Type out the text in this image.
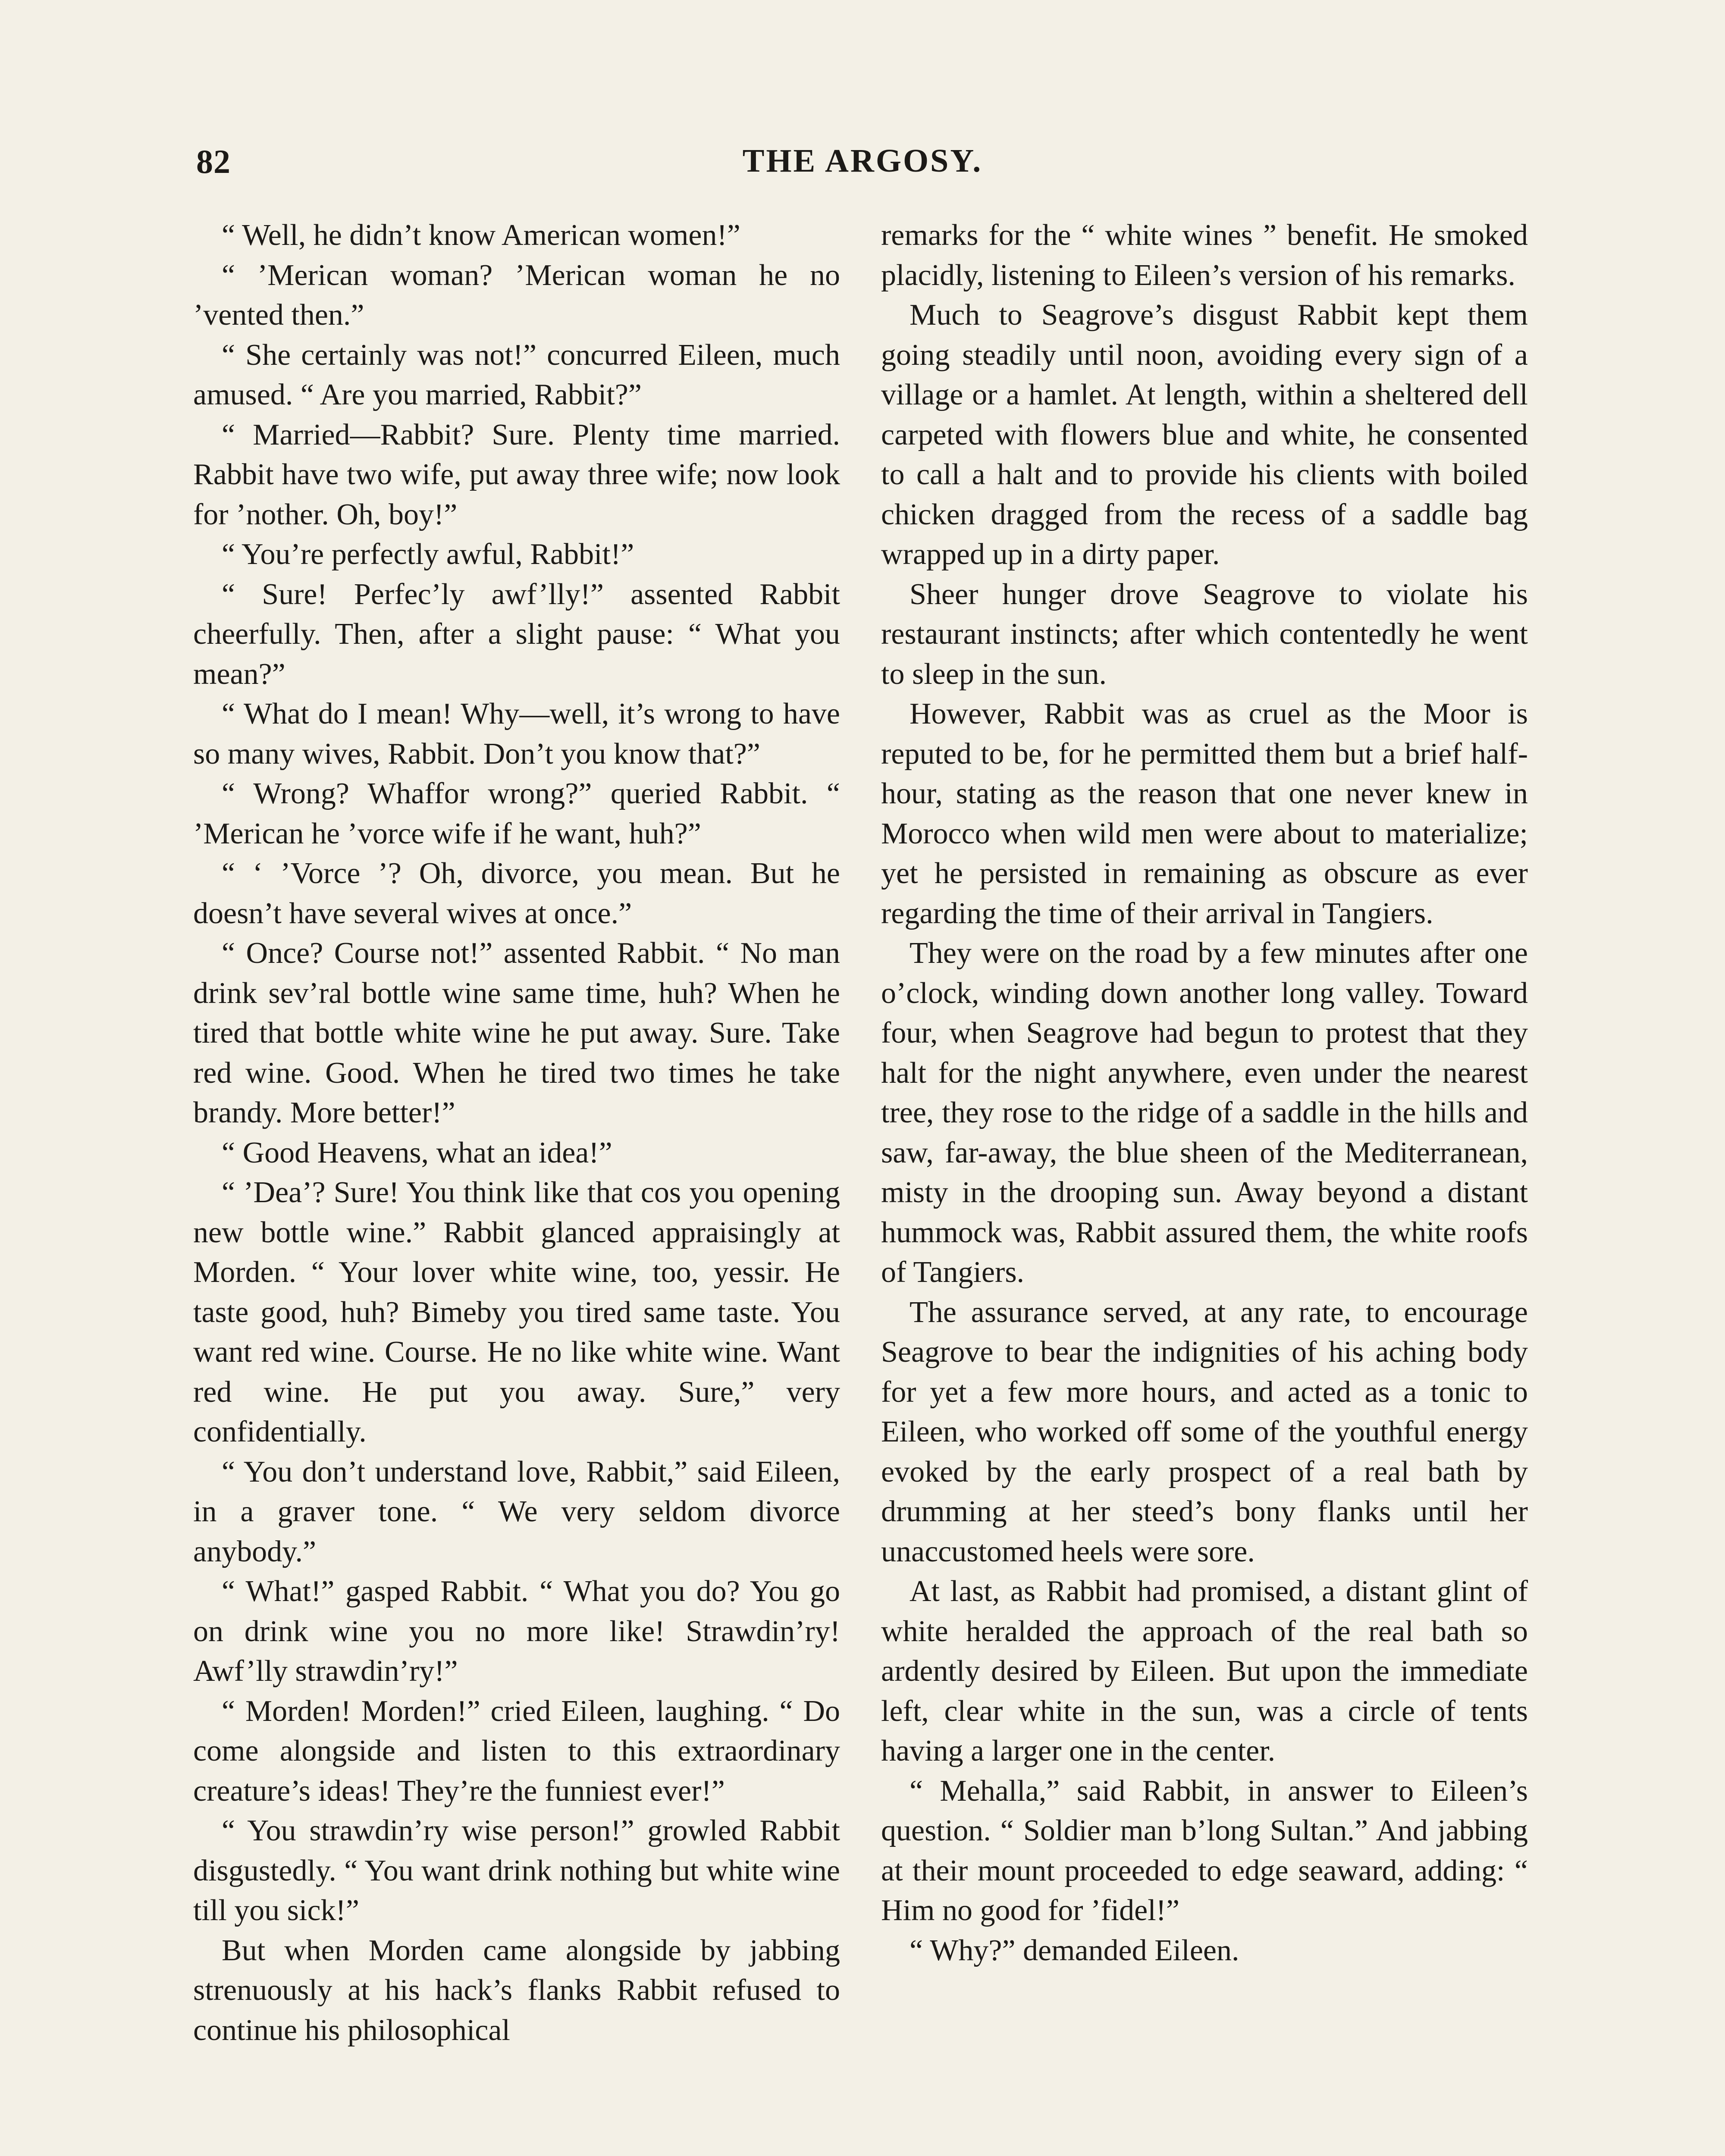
82	THE ARGOSY.

“ Well, he didn’t know American women!”

“ ’Merican woman? ’Merican woman he no ’vented then.”

“ She certainly was not!” concurred Eileen, much amused. “ Are you married, Rabbit?”

“ Married—Rabbit? Sure. Plenty time married. Rabbit have two wife, put away three wife; now look for ’nother. Oh, boy!”

“ You’re perfectly awful, Rabbit!”

“ Sure! Perfec’ly awf’lly!” assented Rabbit cheerfully. Then, after a slight pause: “ What you mean?”

“ What do I mean! Why—well, it’s wrong to have so many wives, Rabbit. Don’t you know that?”

“ Wrong? Whaffor wrong?” queried Rabbit. “ ’Merican he ’vorce wife if he want, huh?”

“ ‘ ’Vorce ’? Oh, divorce, you mean. But he doesn’t have several wives at once.”

“ Once? Course not!” assented Rabbit. “ No man drink sev’ral bottle wine same time, huh? When he tired that bottle white wine he put away. Sure. Take red wine. Good. When he tired two times he take brandy. More better!”

“ Good Heavens, what an idea!”

“ ’Dea’? Sure! You think like that cos you opening new bottle wine.” Rabbit glanced appraisingly at Morden. “ Your lover white wine, too, yessir. He taste good, huh? Bimeby you tired same taste. You want red wine. Course. He no like white wine. Want red wine. He put you away. Sure,” very confidentially.

“ You don’t understand love, Rabbit,” said Eileen, in a graver tone. “ We very seldom divorce anybody.”

“ What!” gasped Rabbit. “ What you do? You go on drink wine you no more like! Strawdin’ry! Awf’lly strawdin’ry!”

“ Morden! Morden!” cried Eileen, laughing. “ Do come alongside and listen to this extraordinary creature’s ideas! They’re the funniest ever!”

“ You strawdin’ry wise person!” growled Rabbit disgustedly. “ You want drink nothing but white wine till you sick!”

But when Morden came alongside by jabbing strenuously at his hack’s flanks Rabbit refused to continue his philosophical

remarks for the “ white wines ” benefit. He smoked placidly, listening to Eileen’s version of his remarks.

Much to Seagrove’s disgust Rabbit kept them going steadily until noon, avoiding every sign of a village or a hamlet. At length, within a sheltered dell carpeted with flowers blue and white, he consented to call a halt and to provide his clients with boiled chicken dragged from the recess of a saddle bag wrapped up in a dirty paper.

Sheer hunger drove Seagrove to violate his restaurant instincts; after which contentedly he went to sleep in the sun.

However, Rabbit was as cruel as the Moor is reputed to be, for he permitted them but a brief half-hour, stating as the reason that one never knew in Morocco when wild men were about to materialize; yet he persisted in remaining as obscure as ever regarding the time of their arrival in Tangiers.

They were on the road by a few minutes after one o’clock, winding down another long valley. Toward four, when Seagrove had begun to protest that they halt for the night anywhere, even under the nearest tree, they rose to the ridge of a saddle in the hills and saw, far-away, the blue sheen of the Mediterranean, misty in the drooping sun. Away beyond a distant hummock was, Rabbit assured them, the white roofs of Tangiers.

The assurance served, at any rate, to encourage Seagrove to bear the indignities of his aching body for yet a few more hours, and acted as a tonic to Eileen, who worked off some of the youthful energy evoked by the early prospect of a real bath by drumming at her steed’s bony flanks until her unaccustomed heels were sore.

At last, as Rabbit had promised, a distant glint of white heralded the approach of the real bath so ardently desired by Eileen. But upon the immediate left, clear white in the sun, was a circle of tents having a larger one in the center.

“ Mehalla,” said Rabbit, in answer to Eileen’s question. “ Soldier man b’long Sultan.” And jabbing at their mount proceeded to edge seaward, adding: “ Him no good for ’fidel!”

“ Why?” demanded Eileen.
